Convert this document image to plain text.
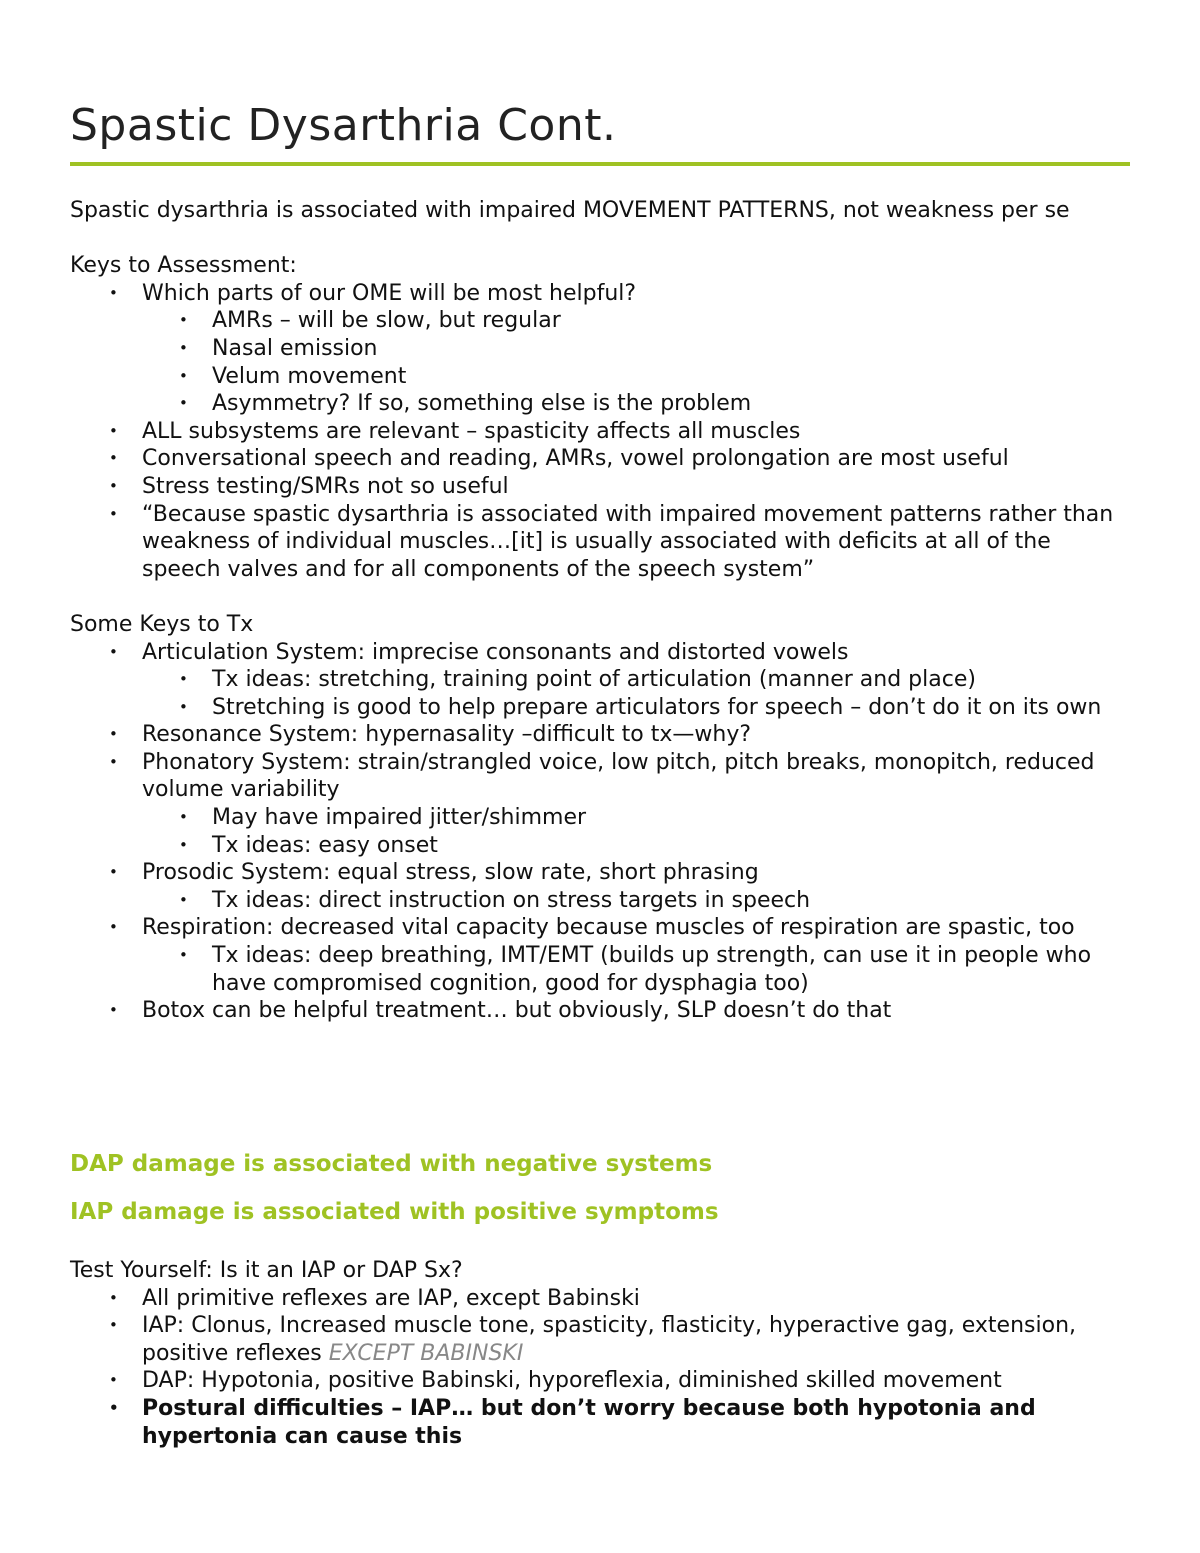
Spastic Dysarthria Cont.

Spastic dysarthria is associated with impaired MOVEMENT PATTERNS, not weakness per se

Keys to Assessment:

• Which parts of our OME will be most helpful?
• AMRs – will be slow, but regular
• Nasal emission
• Velum movement
• Asymmetry? If so, something else is the problem
• ALL subsystems are relevant – spasticity affects all muscles
• Conversational speech and reading, AMRs, vowel prolongation are most useful
• Stress testing/SMRs not so useful
• “Because spastic dysarthria is associated with impaired movement patterns rather than weakness of individual muscles…[it] is usually associated with deficits at all of the speech valves and for all components of the speech system”

Some Keys to Tx

• Articulation System: imprecise consonants and distorted vowels
• Tx ideas: stretching, training point of articulation (manner and place)
• Stretching is good to help prepare articulators for speech – don’t do it on its own
• Resonance System: hypernasality –difficult to tx—why?
• Phonatory System: strain/strangled voice, low pitch, pitch breaks, monopitch, reduced volume variability
• May have impaired jitter/shimmer
• Tx ideas: easy onset
• Prosodic System: equal stress, slow rate, short phrasing
• Tx ideas: direct instruction on stress targets in speech
• Respiration: decreased vital capacity because muscles of respiration are spastic, too
• Tx ideas: deep breathing, IMT/EMT (builds up strength, can use it in people who have compromised cognition, good for dysphagia too)
• Botox can be helpful treatment… but obviously, SLP doesn’t do that
DAP damage is associated with negative systems
IAP damage is associated with positive symptoms

Test Yourself: Is it an IAP or DAP Sx?

• All primitive reflexes are IAP, except Babinski
• IAP: Clonus, Increased muscle tone, spasticity, flasticity, hyperactive gag, extension, positive reflexes EXCEPT BABINSKI
• DAP: Hypotonia, positive Babinski, hyporeflexia, diminished skilled movement
• Postural difficulties – IAP… but don’t worry because both hypotonia and hypertonia can cause this
